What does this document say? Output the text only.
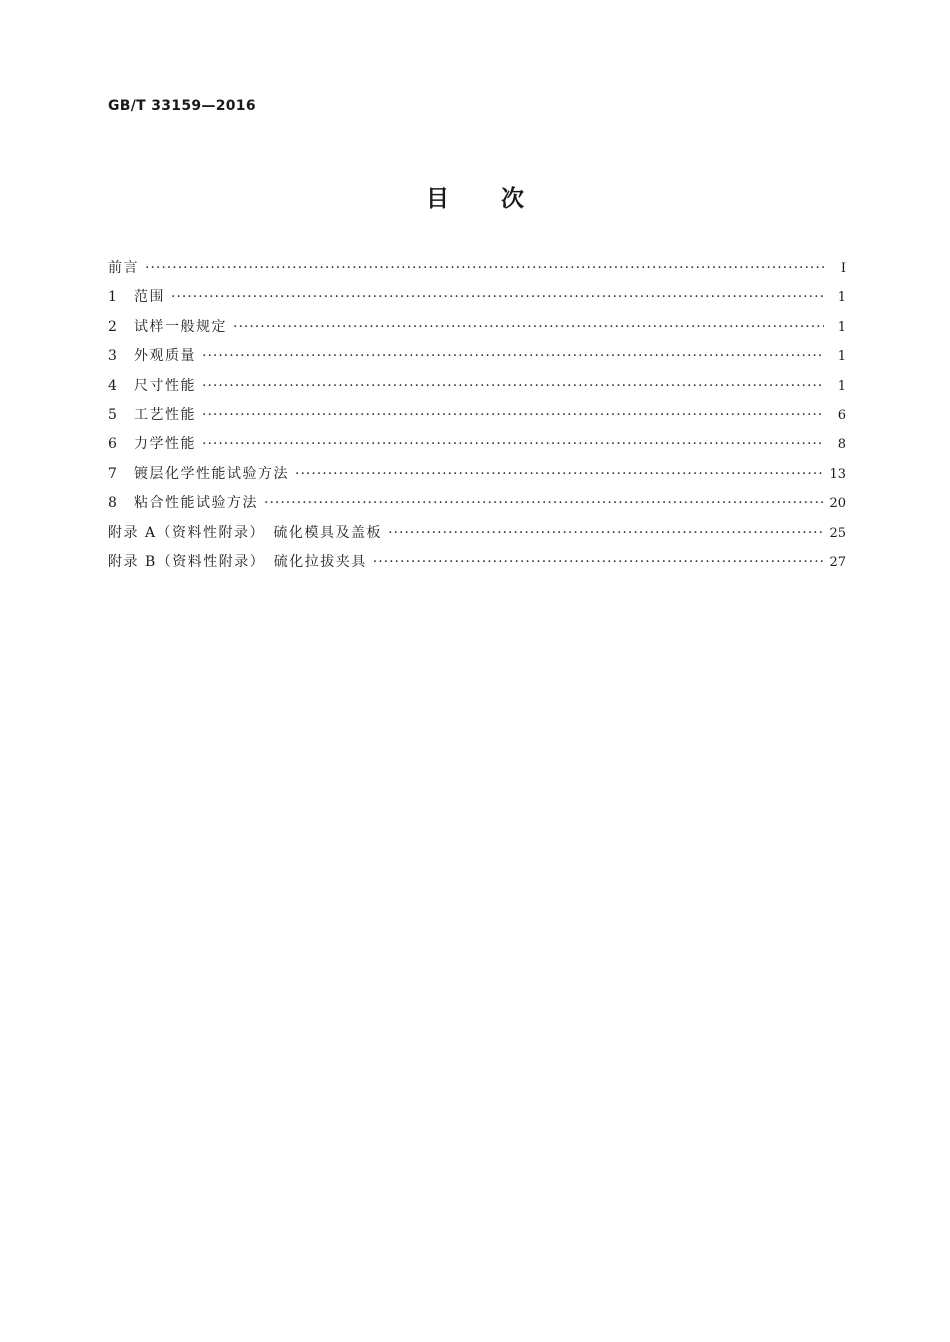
GB/T 33159—2016
目 次
前言 ·····	Ⅰ
1	范围 ·····	1
2	试样一般规定 ·····	1
3	外观质量 ·····	1
4	尺寸性能 ·····	1
5	工艺性能 ·····	6
6	力学性能 ·····	8
7	镀层化学性能试验方法 ·····	13
8	粘合性能试验方法 ·····	20
附录 A（资料性附录）　硫化模具及盖板 ·····	25
附录 B（资料性附录）　硫化拉拔夹具 ·····	27
